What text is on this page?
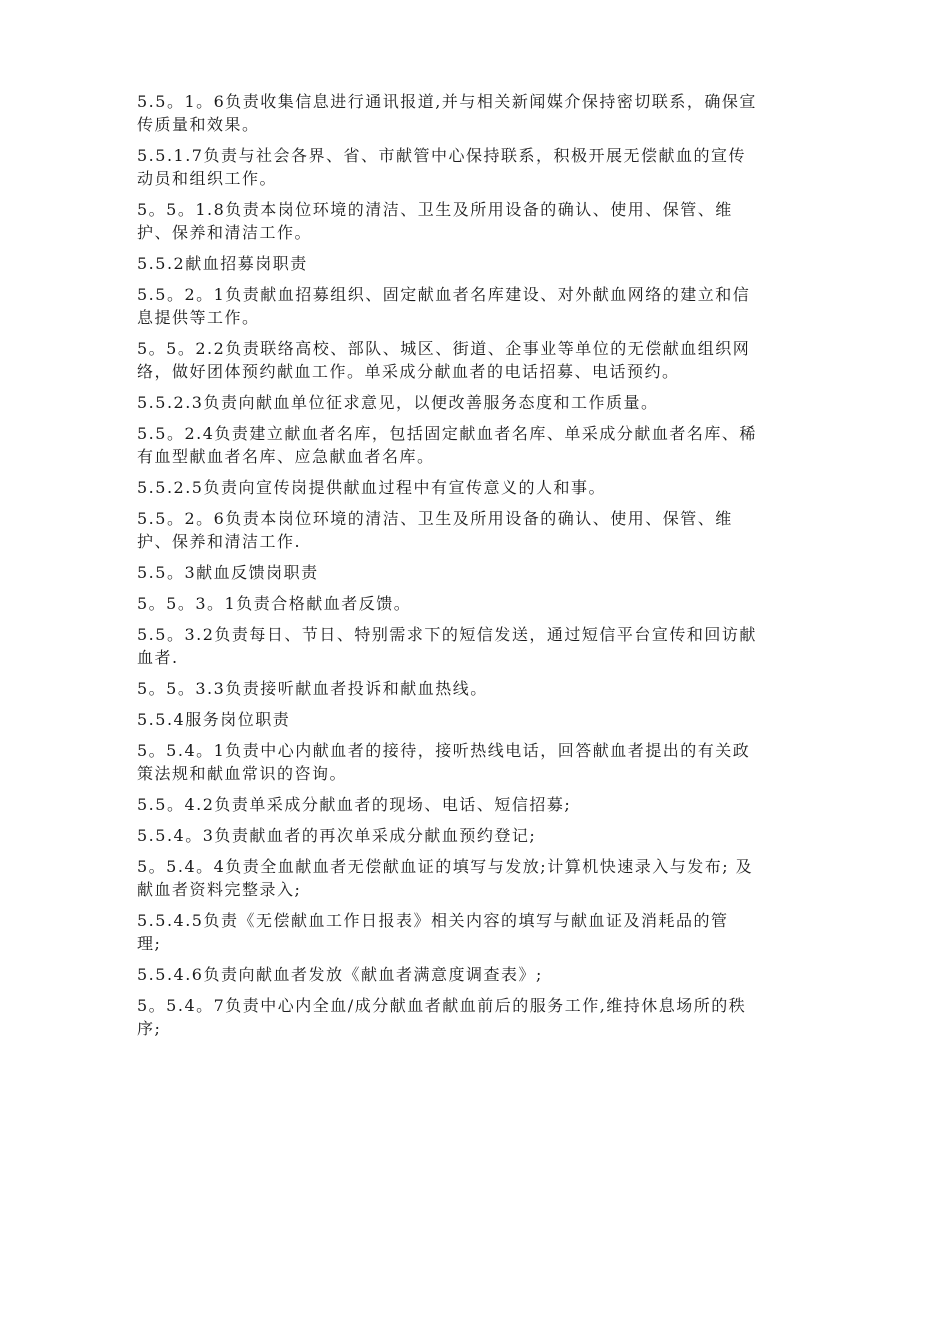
5.5。1。6负责收集信息进行通讯报道,并与相关新闻媒介保持密切联系，确保宣

传质量和效果。

5.5.1.7负责与社会各界、省、市献管中心保持联系，积极开展无偿献血的宣传

动员和组织工作。

5。5。1.8负责本岗位环境的清洁、卫生及所用设备的确认、使用、保管、维

护、保养和清洁工作。

5.5.2献血招募岗职责

5.5。2。1负责献血招募组织、固定献血者名库建设、对外献血网络的建立和信

息提供等工作。

5。5。2.2负责联络高校、部队、城区、街道、企事业等单位的无偿献血组织网

络，做好团体预约献血工作。单采成分献血者的电话招募、电话预约。

5.5.2.3负责向献血单位征求意见，以便改善服务态度和工作质量。

5.5。2.4负责建立献血者名库，包括固定献血者名库、单采成分献血者名库、稀

有血型献血者名库、应急献血者名库。

5.5.2.5负责向宣传岗提供献血过程中有宣传意义的人和事。

5.5。2。6负责本岗位环境的清洁、卫生及所用设备的确认、使用、保管、维

护、保养和清洁工作.

5.5。3献血反馈岗职责

5。5。3。1负责合格献血者反馈。

5.5。3.2负责每日、节日、特别需求下的短信发送，通过短信平台宣传和回访献

血者.

5。5。3.3负责接听献血者投诉和献血热线。

5.5.4服务岗位职责

5。5.4。1负责中心内献血者的接待，接听热线电话，回答献血者提出的有关政

策法规和献血常识的咨询。

5.5。4.2负责单采成分献血者的现场、电话、短信招募;

5.5.4。3负责献血者的再次单采成分献血预约登记;

5。5.4。4负责全血献血者无偿献血证的填写与发放;计算机快速录入与发布; 及

献血者资料完整录入;

5.5.4.5负责《无偿献血工作日报表》相关内容的填写与献血证及消耗品的管

理;

5.5.4.6负责向献血者发放《献血者满意度调查表》;

5。5.4。7负责中心内全血/成分献血者献血前后的服务工作,维持休息场所的秩

序;
